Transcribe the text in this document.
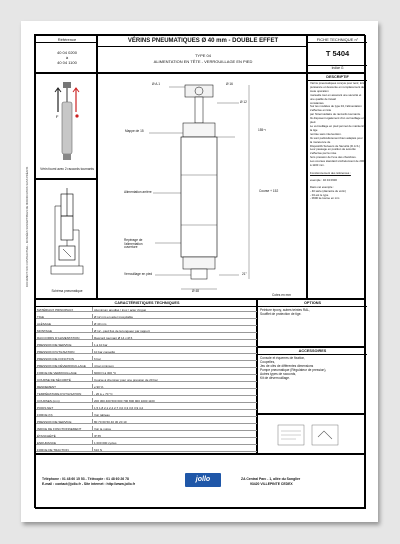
Référence
40 04 0200
à
40 04 1100
VÉRINS PNEUMATIQUES Ø 40 mm - DOUBLE EFFET
TYPE 04
ALIMENTATION EN TÊTE - VERROUILLAGE EN PIED
FICHE TECHNIQUE n°
T 5404
Indice G
F
Vérin fourni avec 2 raccords tournants
Schéma pneumatique
DOCUMENT NON CONTRACTUEL - DONNÉES SUSCEPTIBLES DE MODIFICATION SANS PRÉAVIS
Ø A.1	Ø 16
Ø 12
Mappe de 15	155⁺²
Alimentation arrière
Repérage de l'alimentation ouverture
Course + 152
Verrouillage en pied	21°
Ø 48
Cotes en mm
DESCRIPTIF

Vérins pneumatiques conçus pour tenir, lors

puissance et descente en remplacement de toute opération

manuelle tout en assurant une sécurité et une qualité de travail

constantes.

Sur les modèles de type 04, l'alimentation s'effectue en tête

par l'intermédiaire de raccords tournants.

Ils disposent également d'un verrouillage en pied.

Le verrouillage en pied permet de maintenir la tige

rentrée sans intervention.

Ils sont particulièrement bien adaptés pour la manœuvre de

Dispositifs Suiveurs de Sécurité (D.A.S.)

Leur passage en position de sécurité s'effectue par la mise

hors pression de l'une des chambres.

Les courses standard s'échelonnent de 200 à 1100 mm.

Fonctionnement des références :

exemple : 40 04 0600

Dans cet exemple :

- 40 série (diamètre du vérin)

- 04 est le type

- 0600 la course en mm

CARACTÉRISTIQUES TECHNIQUES
MATÉRIAUX PRINCIPAUX	Aluminium anodisé / inox / acier zingué
TIGE	Ø 12 mm en acier inoxydable
ALÉSAGE	Ø 40 mm
MONTAGE	Ø 12 - pied fixé de la longueur par rapport
RACCORDS D'ALIMENTATION	Raccord tournant Ø 14 x Ø 6
PRESSION DE SERVICE	1 à 10 bar
PRESSION D'UTILISATION	10 bar conseillé
PRESSION DE FONCTION	6 bar
PRESSION DE DÉVERROUILLAGE	4 bar minimum
FORCE DE VERROUILLAGE	6000 N à 300 °C
COURSE DE SÉCURITÉ	Course à cheminer pour une pression de 20 bar
RENDEMENT	≥ 90 %
TEMPÉRATURE D'UTILISATION	- 20 à + 70 °C
COURSES (mm)	200 300 400 500 600 700 800 900 1000 1100
POIDS NET	1,5 1,8 2,1 2,4 2,7 3,0 3,3 3,6 3,9 4,2
FORCE (N)	Voir tableau
PRESSION DE SERVICE	80 70 60 50 40 30 20 10
INDICE DE FONCTIONNEMENT	Voir la notice
ÉTANCHÉITÉ	IP 65
ENDURANCE	1 000 000 cycles
FORCE DE TRACTION	610 N
OPTIONS
Peinture époxy, autres teintes RAL,
Soufflet de protection de tige.
ACCESSOIRES
Console et équerres de fixation,
Coupelles,
Jeu de clés de différentes dimensions
Pompe pneumatique (Régulateur de pression),
Autres types de raccords,
Kit de déverrouillage.
Téléphone : 01 48 60 15 53 - Télécopie : 01 48 60 26 78
E-mail : contact@jollo.fr - Site internet : http://www.jollo.fr
jollo	ZA Central Parc - 1, allée du Songlier
93420 VILLEPINTE CEDEX
